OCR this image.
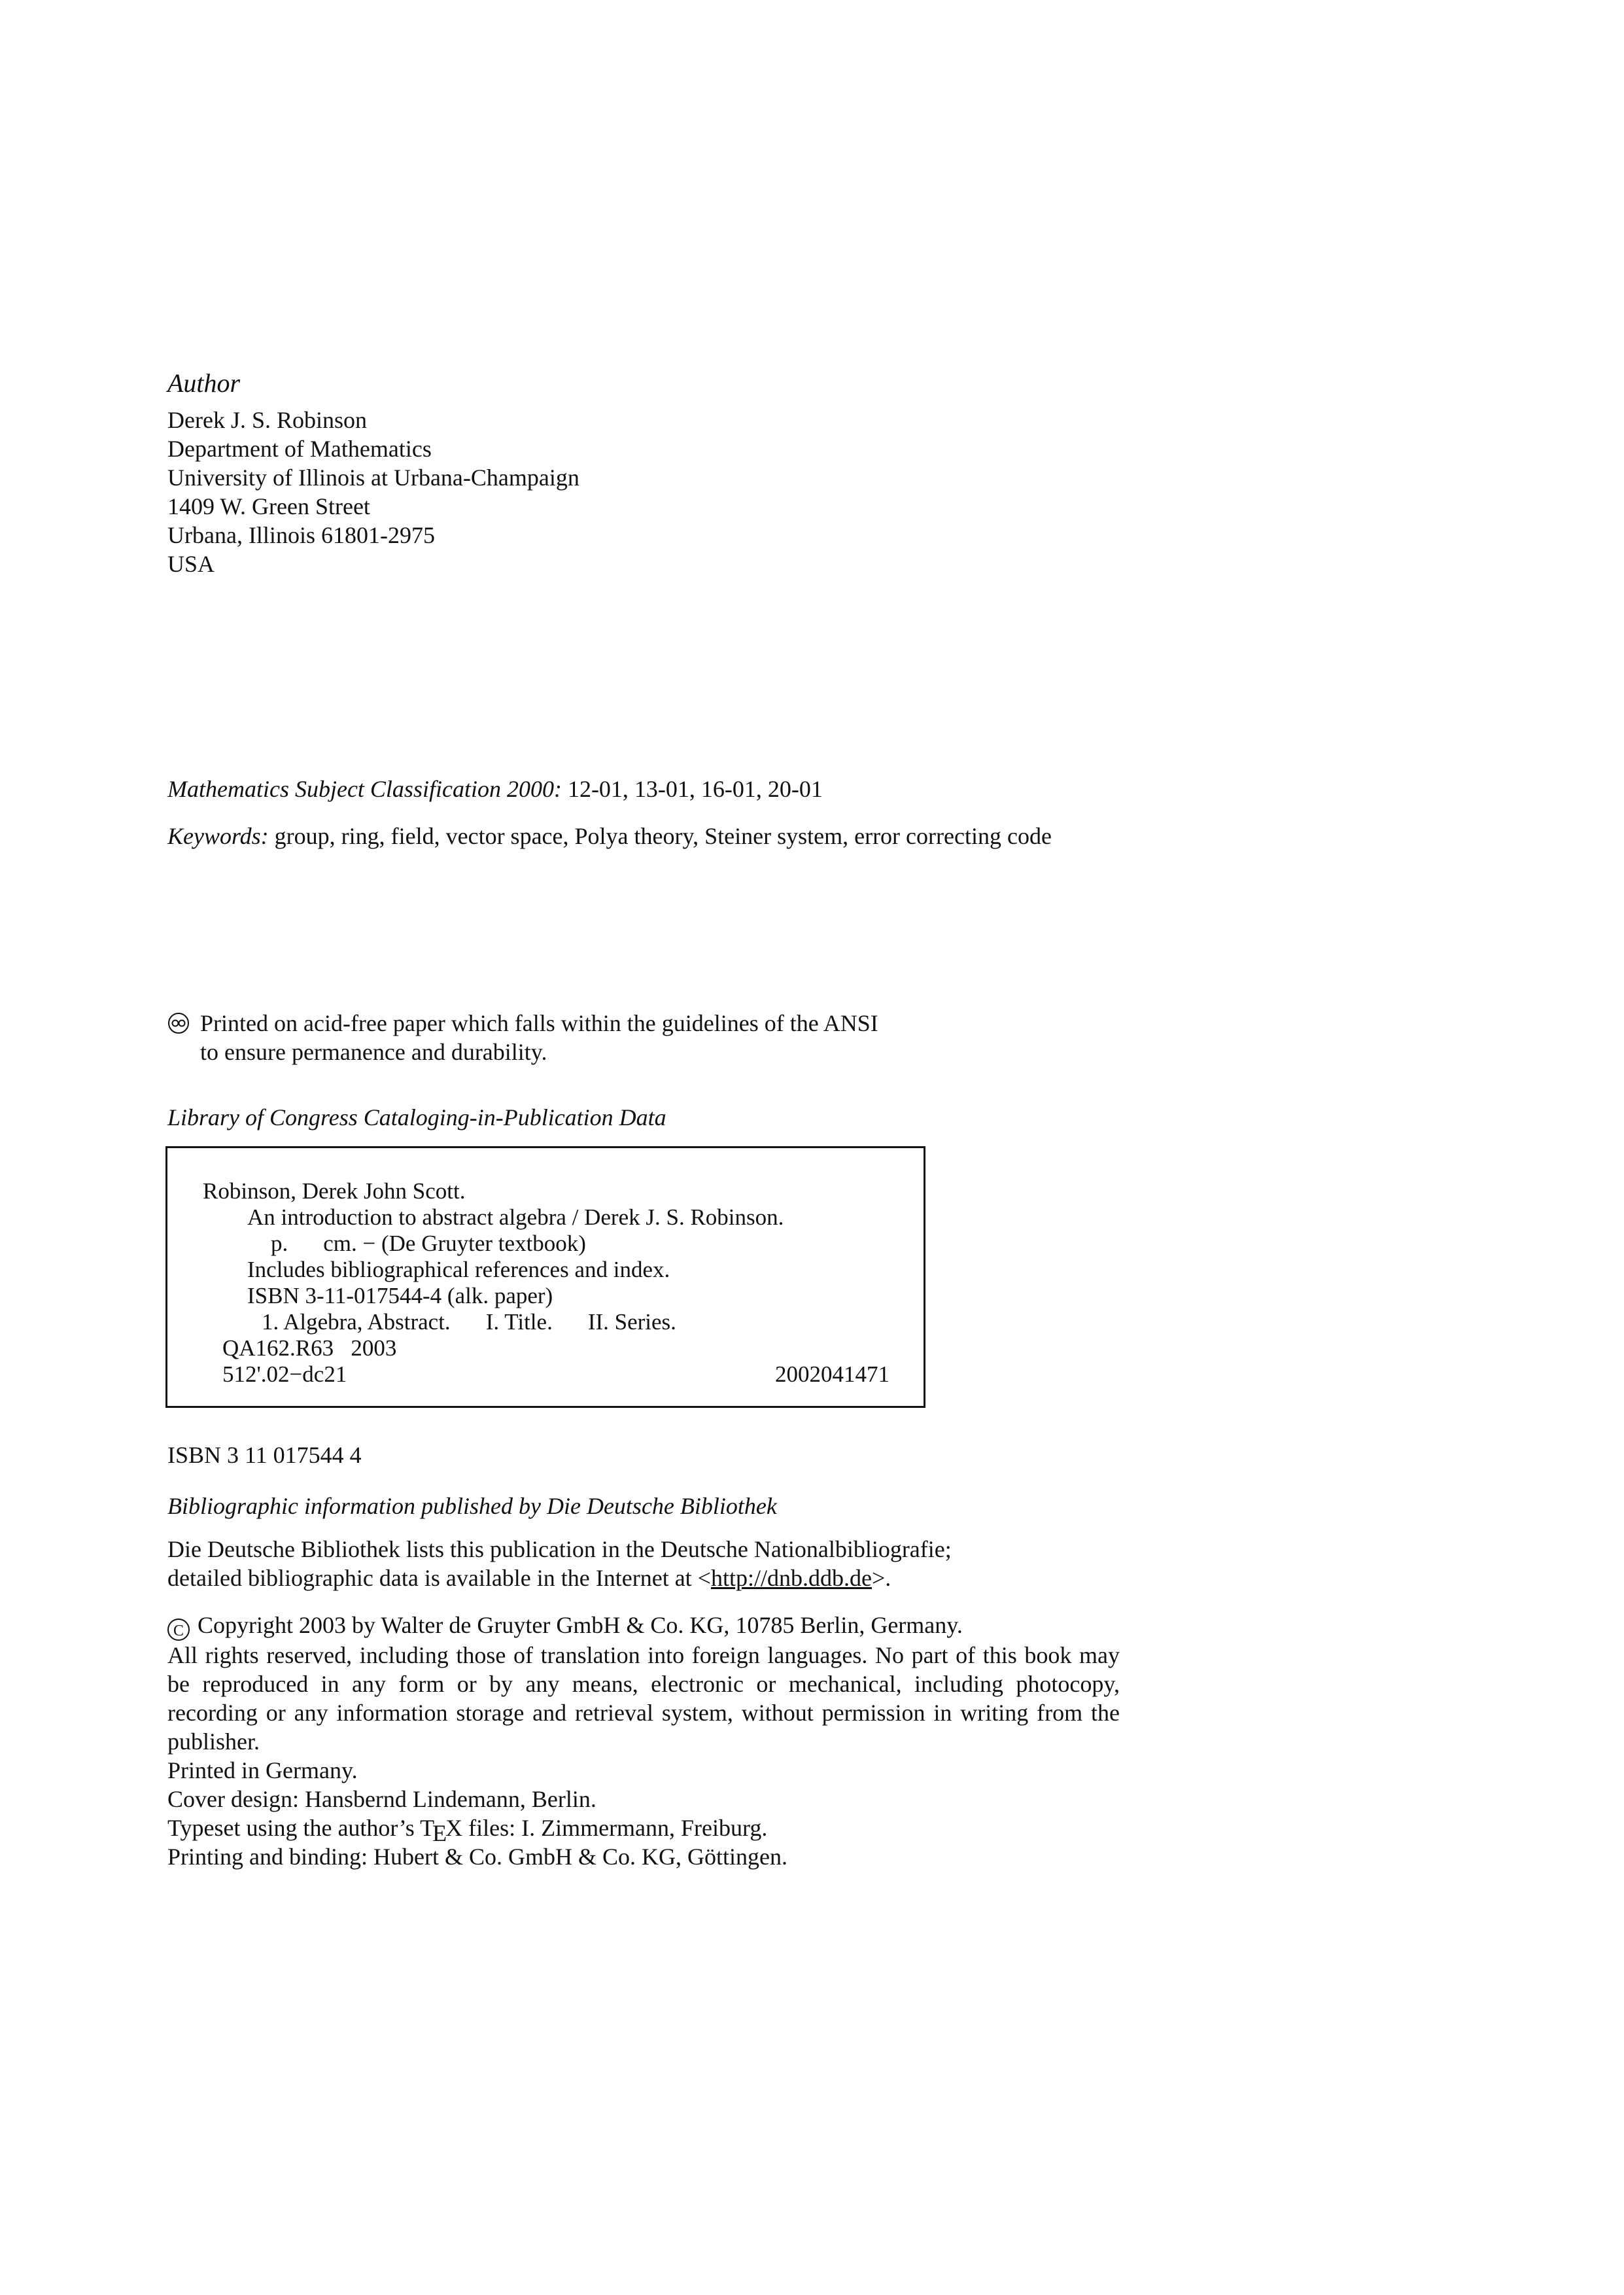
Author
Derek J. S. Robinson
Department of Mathematics
University of Illinois at Urbana-Champaign
1409 W. Green Street
Urbana, Illinois 61801-2975
USA
Mathematics Subject Classification 2000: 12-01, 13-01, 16-01, 20-01
Keywords: group, ring, field, vector space, Polya theory, Steiner system, error correcting code
Printed on acid-free paper which falls within the guidelines of the ANSI
to ensure permanence and durability.
Library of Congress Cataloging-in-Publication Data
Robinson, Derek John Scott.
An introduction to abstract algebra / Derek J. S. Robinson.
p. cm. − (De Gruyter textbook)
Includes bibliographical references and index.
ISBN 3-11-017544-4 (alk. paper)
1. Algebra, Abstract. I. Title. II. Series.
QA162.R63 2003
512'.02−dc21	2002041471
ISBN 3 11 017544 4
Bibliographic information published by Die Deutsche Bibliothek
Die Deutsche Bibliothek lists this publication in the Deutsche Nationalbibliografie;
detailed bibliographic data is available in the Internet at <http://dnb.ddb.de>.
C Copyright 2003 by Walter de Gruyter GmbH & Co. KG, 10785 Berlin, Germany.
All rights reserved, including those of translation into foreign languages. No part of this book may be reproduced in any form or by any means, electronic or mechanical, including photocopy, recording or any information storage and retrieval system, without permission in writing from the publisher.
Printed in Germany.
Cover design: Hansbernd Lindemann, Berlin.
Typeset using the author’s TEX files: I. Zimmermann, Freiburg.
Printing and binding: Hubert & Co. GmbH & Co. KG, Göttingen.
